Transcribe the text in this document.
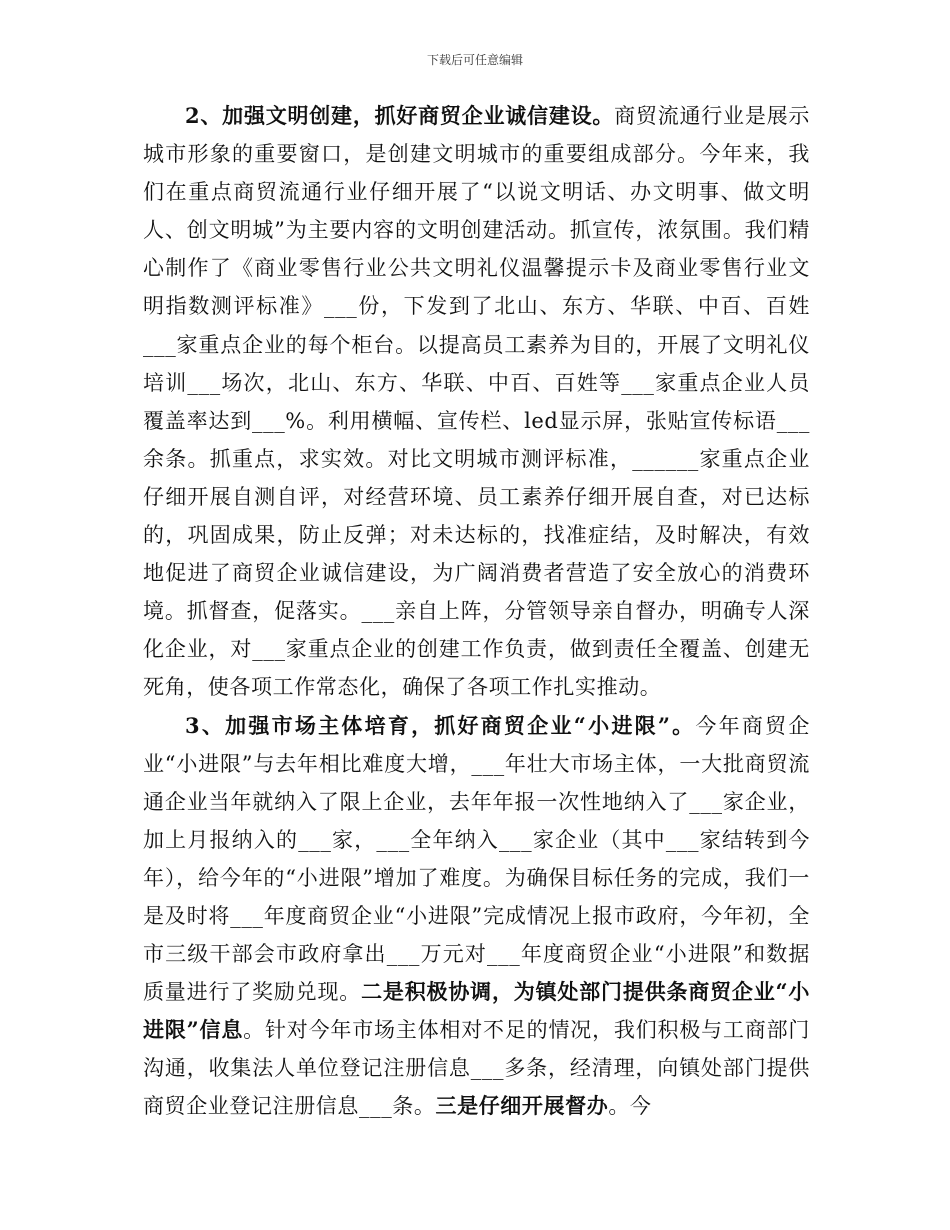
下载后可任意编辑

2、加强文明创建，抓好商贸企业诚信建设。商贸流通行业是展示城市形象的重要窗口，是创建文明城市的重要组成部分。今年来，我们在重点商贸流通行业仔细开展了“以说文明话、办文明事、做文明人、创文明城”为主要内容的文明创建活动。抓宣传，浓氛围。我们精心制作了《商业零售行业公共文明礼仪温馨提示卡及商业零售行业文明指数测评标准》___份，下发到了北山、东方、华联、中百、百姓___家重点企业的每个柜台。以提高员工素养为目的，开展了文明礼仪培训___场次，北山、东方、华联、中百、百姓等___家重点企业人员覆盖率达到___%。利用横幅、宣传栏、led显示屏，张贴宣传标语___余条。抓重点，求实效。对比文明城市测评标准，______家重点企业仔细开展自测自评，对经营环境、员工素养仔细开展自查，对已达标的，巩固成果，防止反弹；对未达标的，找准症结，及时解决，有效地促进了商贸企业诚信建设，为广阔消费者营造了安全放心的消费环境。抓督查，促落实。___亲自上阵，分管领导亲自督办，明确专人深化企业，对___家重点企业的创建工作负责，做到责任全覆盖、创建无死角，使各项工作常态化，确保了各项工作扎实推动。

3、加强市场主体培育，抓好商贸企业“小进限”。今年商贸企业“小进限”与去年相比难度大增，___年壮大市场主体，一大批商贸流通企业当年就纳入了限上企业，去年年报一次性地纳入了___家企业，加上月报纳入的___家，___全年纳入___家企业（其中___家结转到今年），给今年的“小进限”增加了难度。为确保目标任务的完成，我们一是及时将___年度商贸企业“小进限”完成情况上报市政府，今年初，全市三级干部会市政府拿出___万元对___年度商贸企业“小进限”和数据质量进行了奖励兑现。二是积极协调，为镇处部门提供条商贸企业“小进限”信息。针对今年市场主体相对不足的情况，我们积极与工商部门沟通，收集法人单位登记注册信息___多条，经清理，向镇处部门提供商贸企业登记注册信息___条。三是仔细开展督办。今
